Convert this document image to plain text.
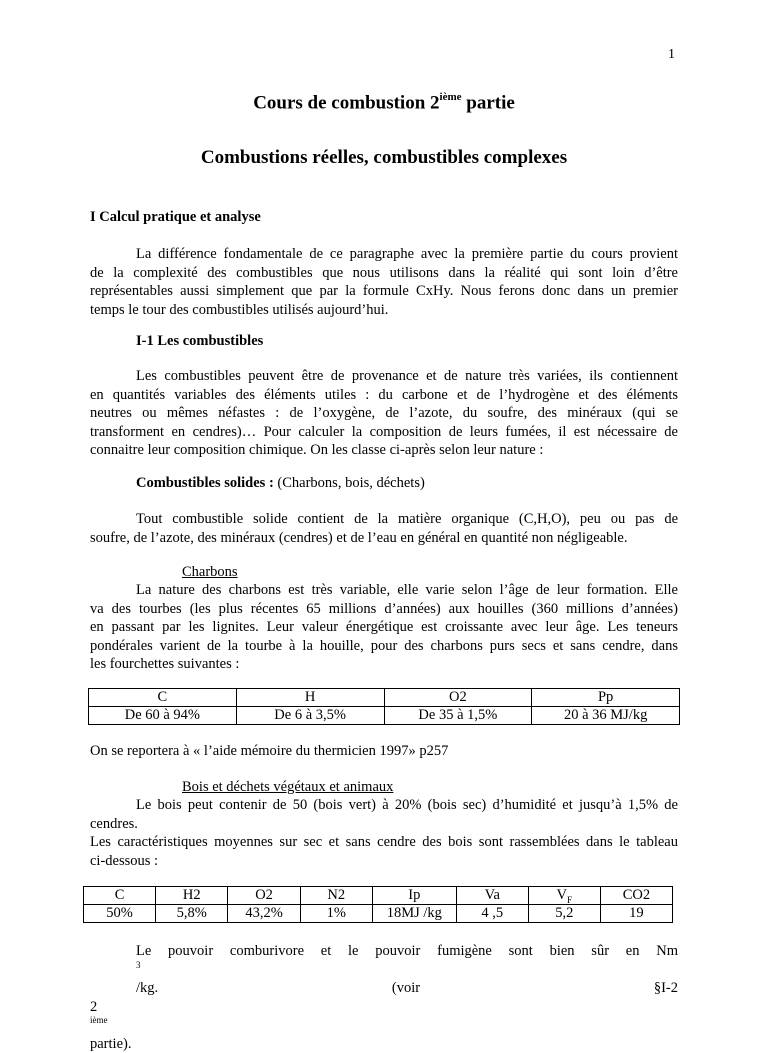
1
Cours de combustion 2ième partie
Combustions réelles, combustibles complexes
I Calcul pratique et analyse
La différence fondamentale de ce paragraphe avec la première partie du cours provient
de la complexité des combustibles que nous utilisons dans la réalité qui sont loin d’être
représentables aussi simplement que par la formule CxHy. Nous ferons donc dans un premier
temps le tour des combustibles utilisés aujourd’hui.
I-1 Les combustibles
Les combustibles peuvent être de provenance et de nature très variées, ils contiennent
en quantités variables des éléments utiles : du carbone et de l’hydrogène et des éléments
neutres ou mêmes néfastes : de l’oxygène, de l’azote, du soufre, des minéraux (qui se
transforment en cendres)… Pour calculer la composition de leurs fumées, il est nécessaire de
connaitre leur composition chimique. On les classe ci-après selon leur nature :
Combustibles solides : (Charbons, bois, déchets)
Tout combustible solide contient de la matière organique (C,H,O), peu ou pas de
soufre, de l’azote, des minéraux (cendres) et de l’eau en général en quantité non négligeable.
Charbons
La nature des charbons est très variable, elle varie selon l’âge de leur formation. Elle
va des tourbes (les plus récentes 65 millions d’années) aux houilles (360 millions d’années)
en passant par les lignites. Leur valeur énergétique est croissante avec leur âge. Les teneurs
pondérales varient de la tourbe à la houille, pour des charbons purs secs et sans cendre, dans
les fourchettes suivantes :
C	H	O2	Pp
De 60 à 94%	De 6 à 3,5%	De 35 à 1,5%	20 à 36 MJ/kg
On se reportera à « l’aide mémoire du thermicien 1997» p257
Bois et déchets végétaux et animaux
Le bois peut contenir de 50 (bois vert) à 20% (bois sec) d’humidité et jusqu’à 1,5% de
cendres.
Les caractéristiques moyennes sur sec et sans cendre des bois sont rassemblées dans le tableau
ci-dessous :
C	H2	O2	N2	Ip	Va	$V_F$	CO2
50%	5,8%	43,2%	1%	18MJ /kg	4 ,5	5,2	19
Le pouvoir comburivore et le pouvoir fumigène sont bien sûr en Nm
$^3$
/kg. (voir §I-2
2
$^{ième}$
partie).
